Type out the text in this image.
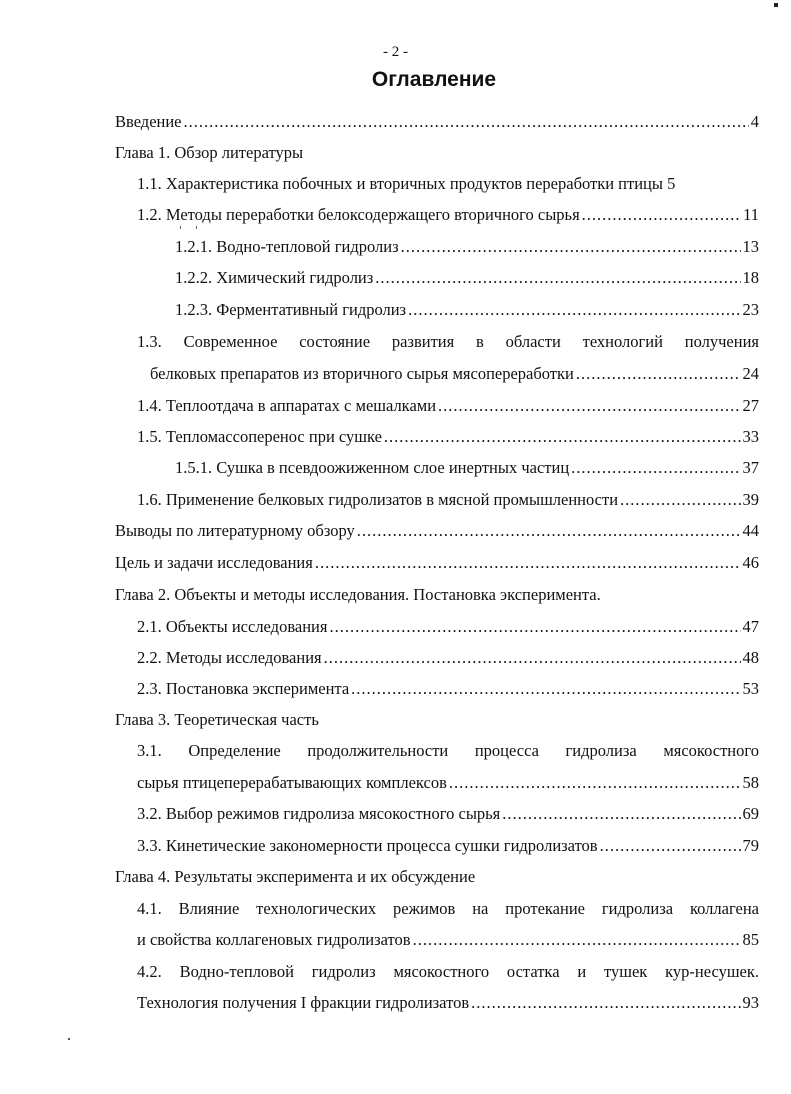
- 2 -
Оглавление
Введение .....	4
Глава 1. Обзор литературы
1.1. Характеристика побочных и вторичных продуктов переработки птицы 5
1.2. Методы переработки белоксодержащего вторичного сырья .....	11
1.2.1. Водно-тепловой гидролиз .....	13
1.2.2. Химический гидролиз .....	18
1.2.3. Ферментативный гидролиз .....	23
1.3. Современное состояние развития в области технологий получения
белковых препаратов из вторичного сырья мясопереработки .....	24
1.4. Теплоотдача в аппаратах с мешалками .....	27
1.5. Тепломассоперенос при сушке .....	33
1.5.1. Сушка в псевдоожиженном слое инертных частиц .....	37
1.6. Применение белковых гидролизатов в мясной промышленности .....	39
Выводы по литературному обзору .....	44
Цель и задачи исследования .....	46
Глава 2. Объекты и методы исследования. Постановка эксперимента.
2.1. Объекты исследования .....	47
2.2. Методы исследования .....	48
2.3. Постановка эксперимента .....	53
Глава 3. Теоретическая часть
3.1. Определение продолжительности процесса гидролиза мясокостного
сырья птицеперерабатывающих комплексов .....	58
3.2. Выбор режимов гидролиза мясокостного сырья .....	69
3.3. Кинетические закономерности процесса сушки гидролизатов .....	79
Глава 4. Результаты эксперимента и их обсуждение
4.1. Влияние технологических режимов на протекание гидролиза коллагена
и свойства коллагеновых гидролизатов .....	85
4.2. Водно-тепловой гидролиз мясокостного остатка и тушек кур-несушек.
Технология получения I фракции гидролизатов .....	93
